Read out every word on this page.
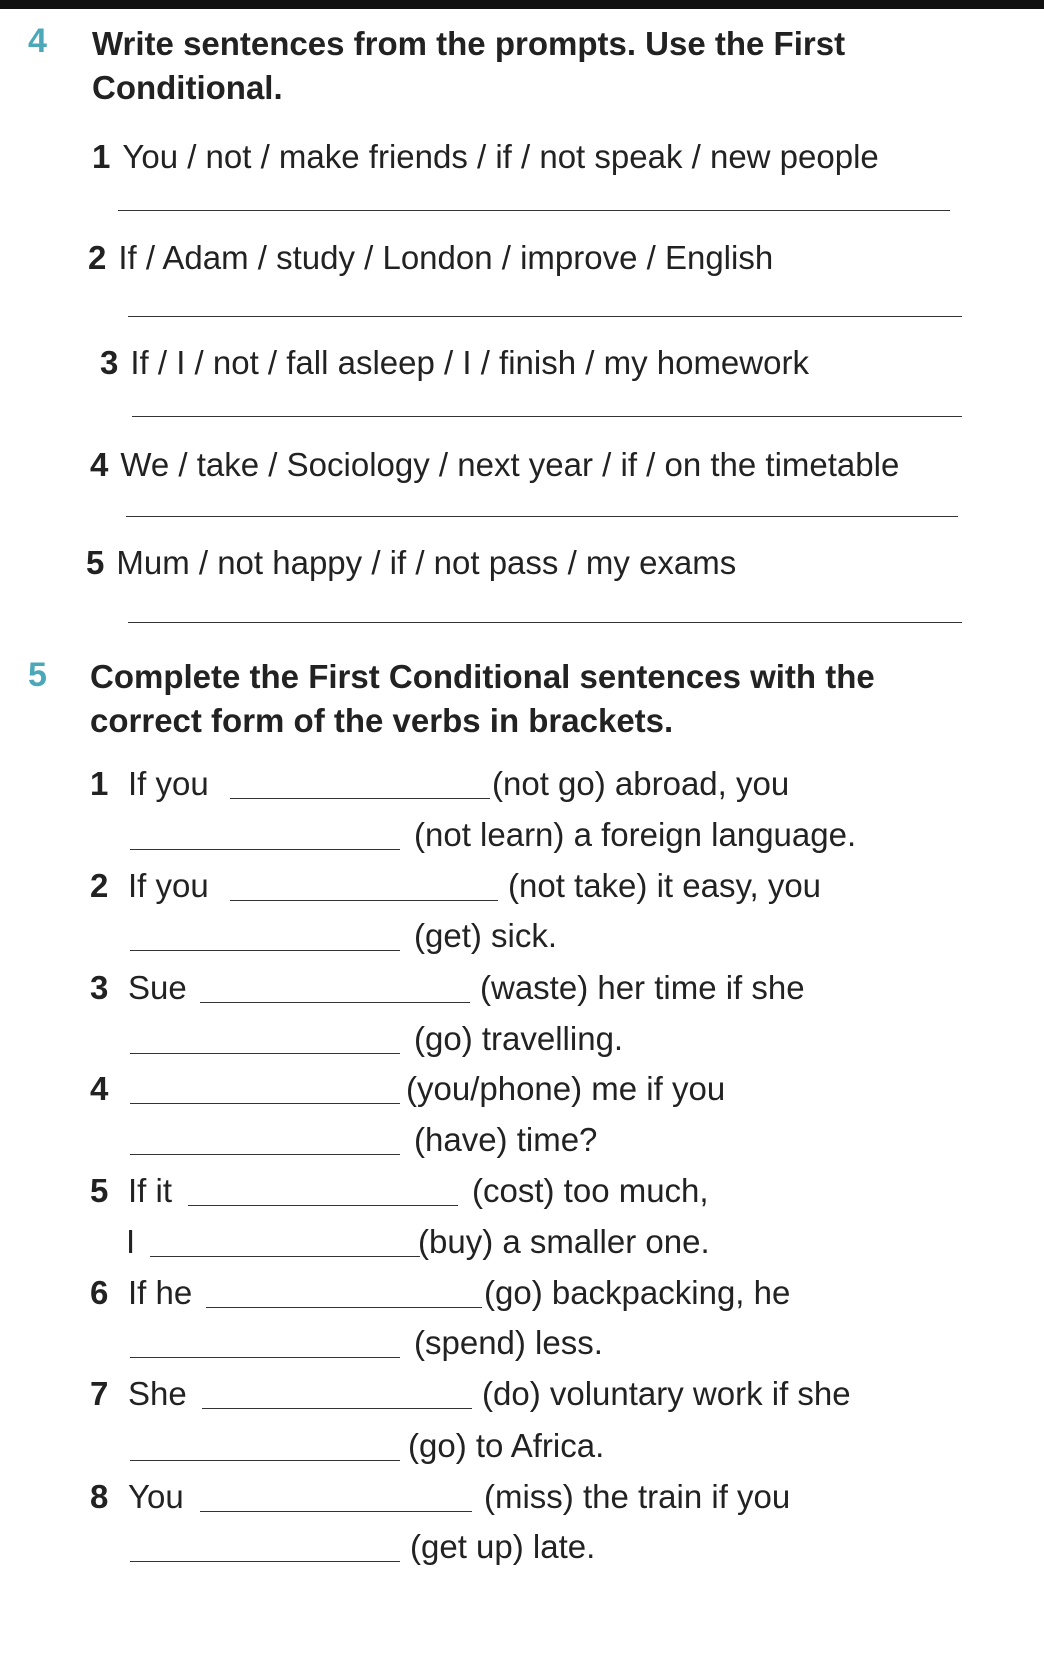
4 Write sentences from the prompts. Use the First
Conditional.
1 You / not / make friends / if / not speak / new people
2 If / Adam / study / London / improve / English
3 If / I / not / fall asleep / I / finish / my homework
4 We / take / Sociology / next year / if / on the timetable
5 Mum / not happy / if / not pass / my exams
5 Complete the First Conditional sentences with the
correct form of the verbs in brackets.
1 If you	(not go) abroad, you
(not learn) a foreign language.
2 If you	(not take) it easy, you
(get) sick.
3 Sue	(waste) her time if she
(go) travelling.
4	(you/phone) me if you
(have) time?
5 If it	(cost) too much,
I	(buy) a smaller one.
6 If he	(go) backpacking, he
(spend) less.
7 She	(do) voluntary work if she
(go) to Africa.
8 You	(miss) the train if you
(get up) late.
